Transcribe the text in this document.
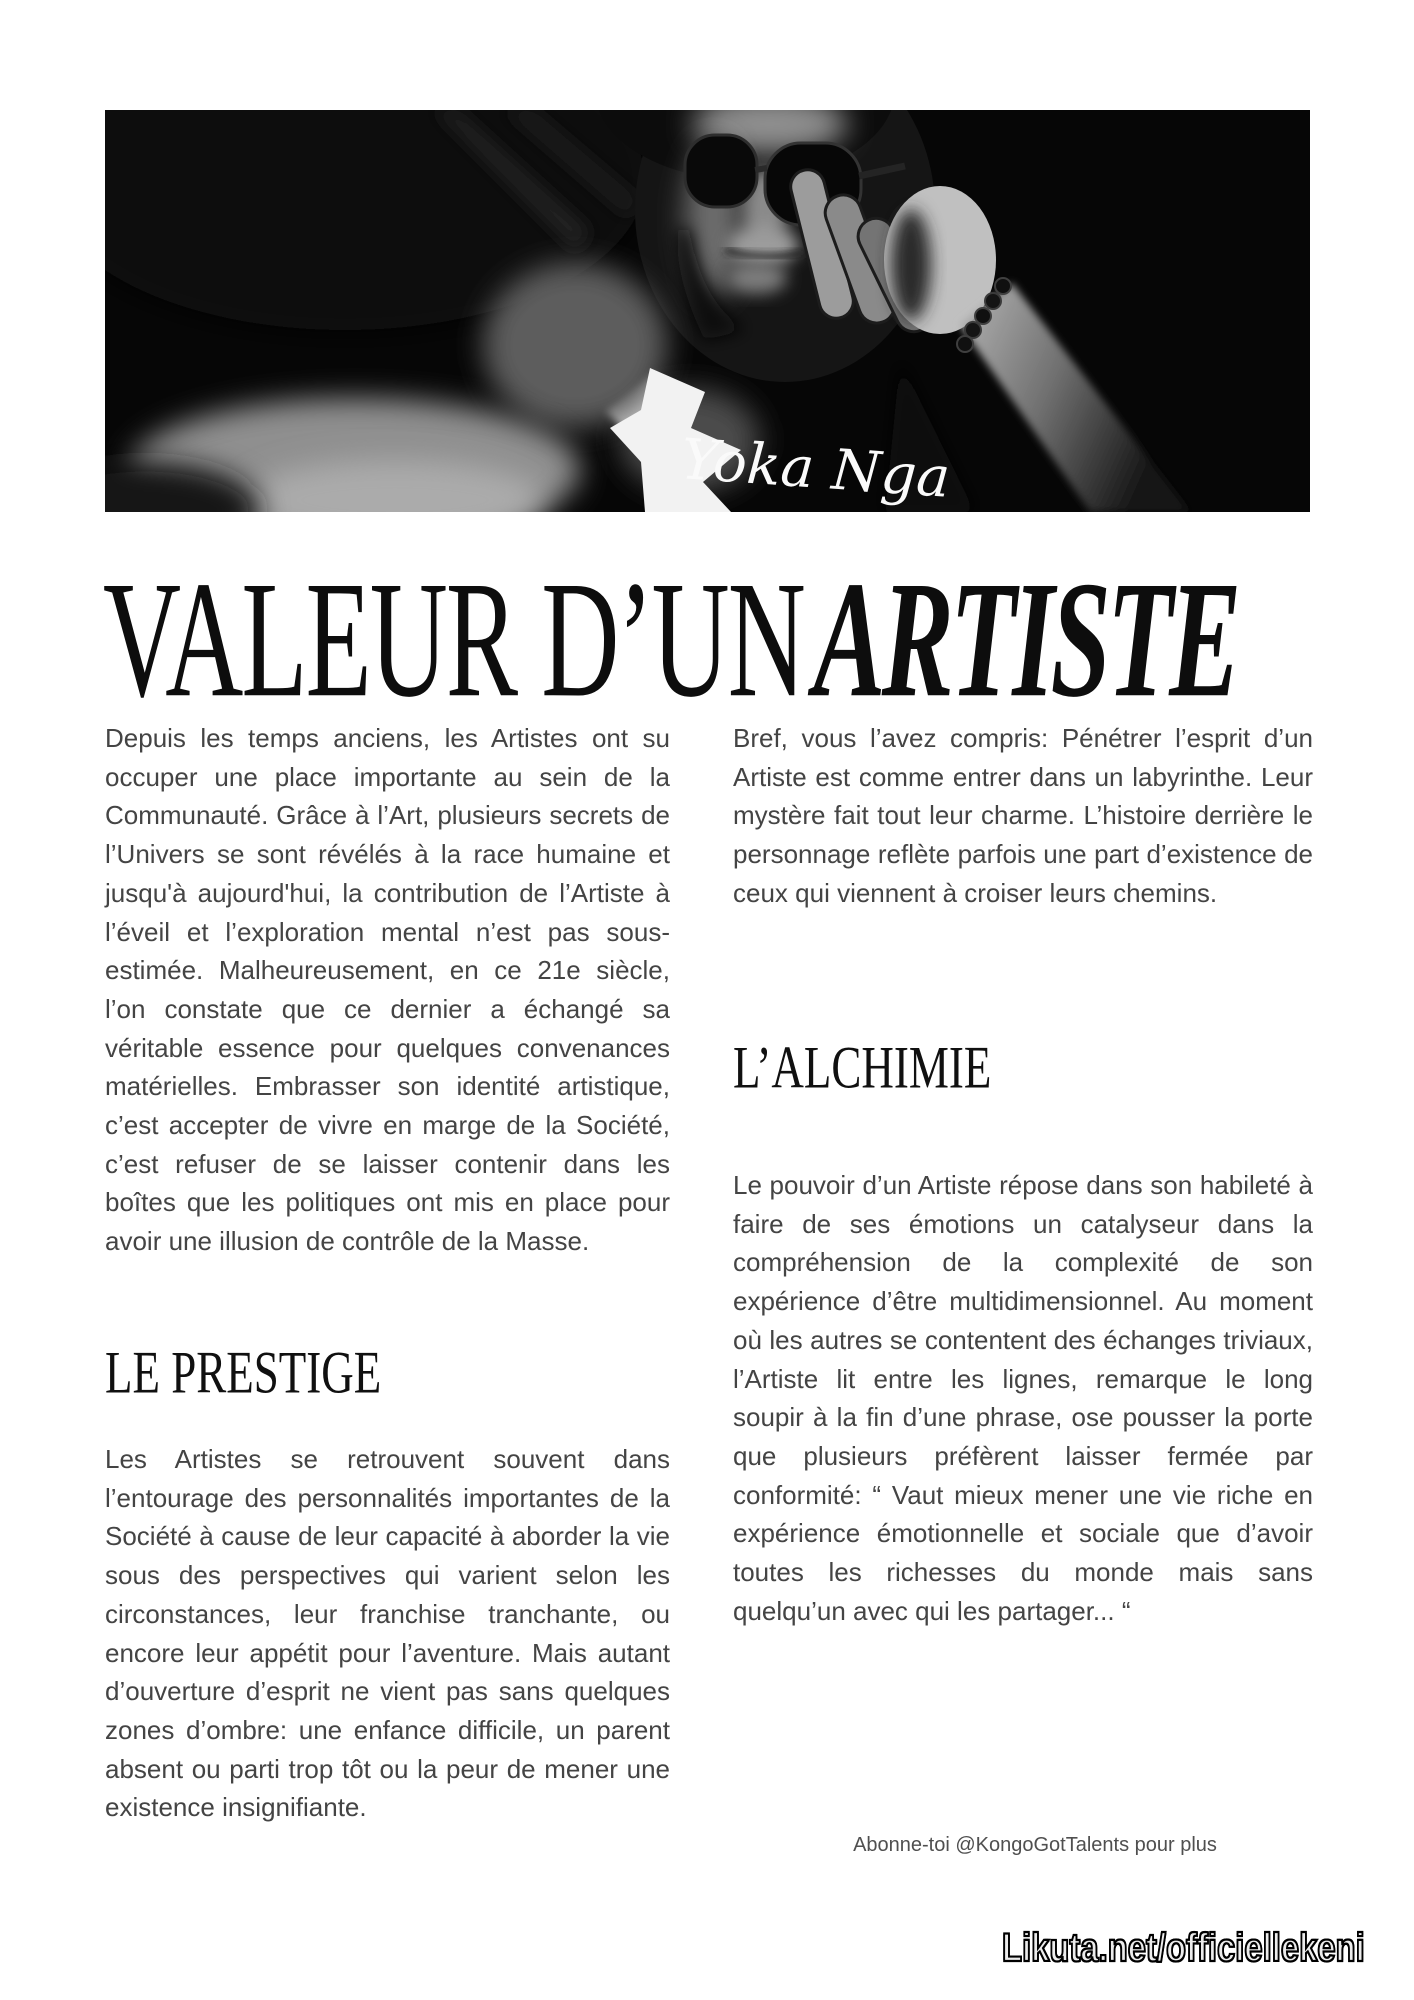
Yoka Nga
VALEUR D’UNARTISTE

Depuis les temps anciens, les Artistes ont su occuper une place importante au sein de la Communauté. Grâce à l’Art, plusieurs secrets de l’Univers se sont révélés à la race humaine et jusqu'à aujourd'hui, la contribution de l’Artiste à l’éveil et l’exploration mental n’est pas sous-estimée. Malheureusement, en ce 21e siècle, l’on constate que ce dernier a échangé sa véritable essence pour quelques convenances matérielles. Embrasser son identité artistique, c’est accepter de vivre en marge de la Société, c’est refuser de se laisser contenir dans les boîtes que les politiques ont mis en place pour avoir une illusion de contrôle de la Masse.

LE PRESTIGE

Les Artistes se retrouvent souvent dans l’entourage des personnalités importantes de la Société à cause de leur capacité à aborder la vie sous des perspectives qui varient selon les circonstances, leur franchise tranchante, ou encore leur appétit pour l’aventure. Mais autant d’ouverture d’esprit ne vient pas sans quelques zones d’ombre: une enfance difficile, un parent absent ou parti trop tôt ou la peur de mener une existence insignifiante.

Bref, vous l’avez compris: Pénétrer l’esprit d’un Artiste est comme entrer dans un labyrinthe. Leur mystère fait tout leur charme. L’histoire derrière le personnage reflète parfois une part d’existence de ceux qui viennent à croiser leurs chemins.

L’ALCHIMIE

Le pouvoir d’un Artiste répose dans son habileté à faire de ses émotions un catalyseur dans la compréhension de la complexité de son expérience d’être multidimensionnel. Au moment où les autres se contentent des échanges triviaux, l’Artiste lit entre les lignes, remarque le long soupir à la fin d’une phrase, ose pousser la porte que plusieurs préfèrent laisser fermée par conformité: “ Vaut mieux mener une vie riche en expérience émotionnelle et sociale que d’avoir toutes les richesses du monde mais sans quelqu’un avec qui les partager... “

Abonne-toi @KongoGotTalents pour plus
Likuta.net/officiellekeni
